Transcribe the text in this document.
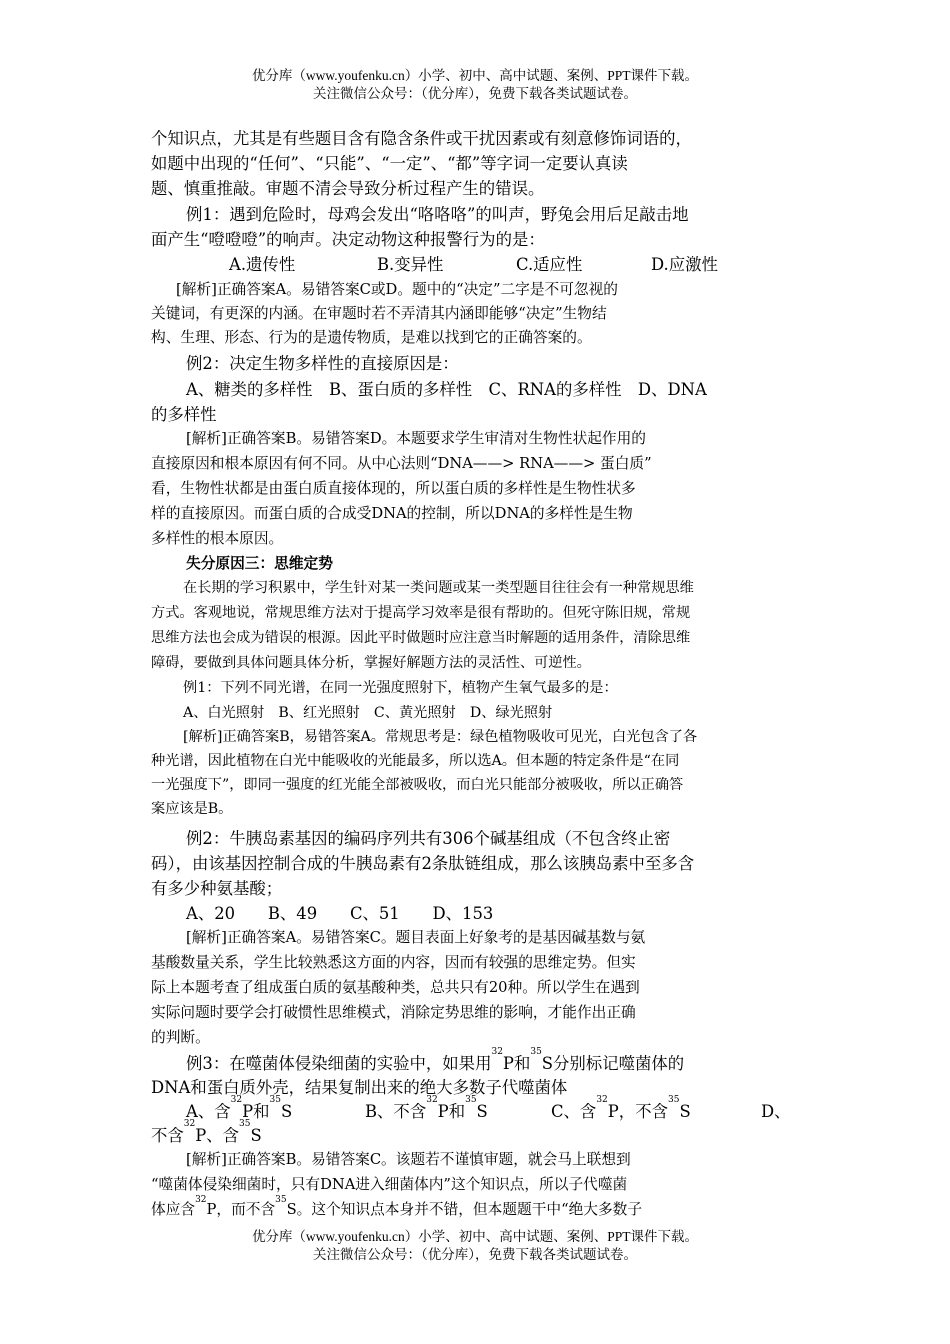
优分库（www.youfenku.cn）小学、初中、高中试题、案例、PPT课件下载。
关注微信公众号：（优分库），免费下载各类试题试卷。
个知识点，尤其是有些题目含有隐含条件或干扰因素或有刻意修饰词语的，
如题中出现的“任何”、“只能”、“一定”、“都”等字词一定要认真读
题、慎重推敲。审题不清会导致分析过程产生的错误。
例1：遇到危险时，母鸡会发出“咯咯咯”的叫声，野兔会用后足敲击地
面产生“噔噔噔”的响声。决定动物这种报警行为的是：
A.遗传性	B.变异性	C.适应性	D.应激性
[解析]正确答案A。易错答案C或D。题中的“决定”二字是不可忽视的
关键词，有更深的内涵。在审题时若不弄清其内涵即能够“决定”生物结
构、生理、形态、行为的是遗传物质，是难以找到它的正确答案的。
例2：决定生物多样性的直接原因是：
A、糖类的多样性　B、蛋白质的多样性　C、RNA的多样性　D、DNA
的多样性
[解析]正确答案B。易错答案D。本题要求学生审清对生物性状起作用的
直接原因和根本原因有何不同。从中心法则“DNA——> RNA——> 蛋白质”
看，生物性状都是由蛋白质直接体现的，所以蛋白质的多样性是生物性状多
样的直接原因。而蛋白质的合成受DNA的控制，所以DNA的多样性是生物
多样性的根本原因。
失分原因三：思维定势
在长期的学习积累中，学生针对某一类问题或某一类型题目往往会有一种常规思维
方式。客观地说，常规思维方法对于提高学习效率是很有帮助的。但死守陈旧规，常规
思维方法也会成为错误的根源。因此平时做题时应注意当时解题的适用条件，清除思维
障碍，要做到具体问题具体分析，掌握好解题方法的灵活性、可逆性。
例1：下列不同光谱，在同一光强度照射下，植物产生氧气最多的是：
A、白光照射　B、红光照射　C、黄光照射　D、绿光照射
[解析]正确答案B，易错答案A。常规思考是：绿色植物吸收可见光，白光包含了各
种光谱，因此植物在白光中能吸收的光能最多，所以选A。但本题的特定条件是“在同
一光强度下”，即同一强度的红光能全部被吸收，而白光只能部分被吸收，所以正确答
案应该是B。
例2：牛胰岛素基因的编码序列共有306个碱基组成（不包含终止密
码），由该基因控制合成的牛胰岛素有2条肽链组成，那么该胰岛素中至多含
有多少种氨基酸；
A、20　　B、49　　C、51　　D、153
[解析]正确答案A。易错答案C。题目表面上好象考的是基因碱基数与氨
基酸数量关系，学生比较熟悉这方面的内容，因而有较强的思维定势。但实
际上本题考查了组成蛋白质的氨基酸种类，总共只有20种。所以学生在遇到
实际问题时要学会打破惯性思维模式，消除定势思维的影响，才能作出正确
的判断。
例3：在噬菌体侵染细菌的实验中，如果用$^{32}$P和$^{35}$S分别标记噬菌体的
DNA和蛋白质外壳，结果复制出来的绝大多数子代噬菌体
A、含$^{32}$P和$^{35}$S	B、不含$^{32}$P和$^{35}$S	C、含$^{32}$P，不含$^{35}$S	D、
不含$^{32}$P、含$^{35}$S
[解析]正确答案B。易错答案C。该题若不谨慎审题，就会马上联想到
“噬菌体侵染细菌时，只有DNA进入细菌体内”这个知识点，所以子代噬菌
体应含$^{32}$P，而不含$^{35}$S。这个知识点本身并不错，但本题题干中“绝大多数子
优分库（www.youfenku.cn）小学、初中、高中试题、案例、PPT课件下载。
关注微信公众号：（优分库），免费下载各类试题试卷。
